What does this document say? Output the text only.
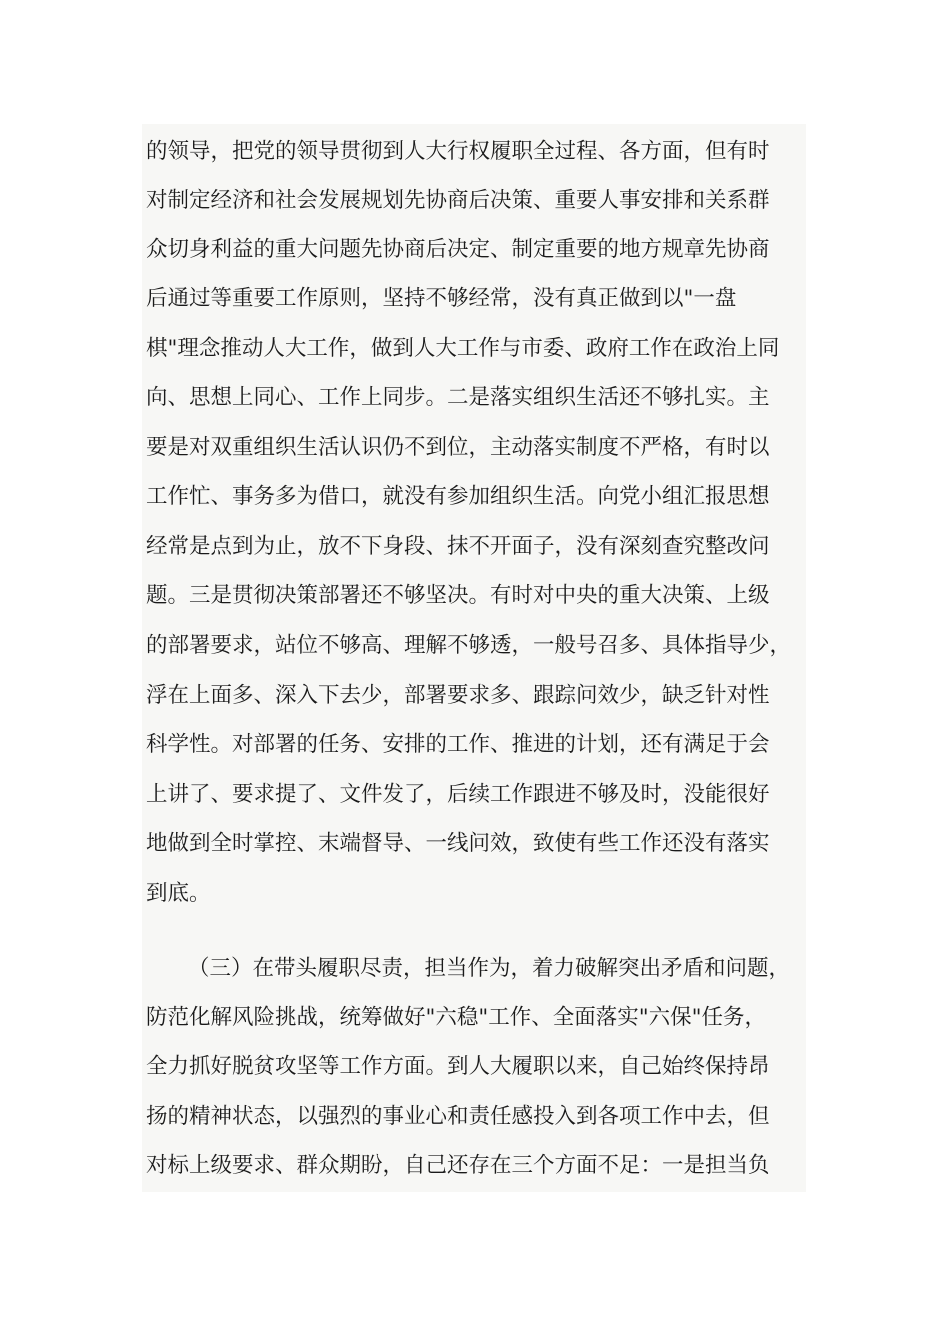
的领导，把党的领导贯彻到人大行权履职全过程、各方面，但有时
对制定经济和社会发展规划先协商后决策、重要人事安排和关系群
众切身利益的重大问题先协商后决定、制定重要的地方规章先协商
后通过等重要工作原则，坚持不够经常，没有真正做到以"一盘
棋"理念推动人大工作，做到人大工作与市委、政府工作在政治上同
向、思想上同心、工作上同步。二是落实组织生活还不够扎实。主
要是对双重组织生活认识仍不到位，主动落实制度不严格，有时以
工作忙、事务多为借口，就没有参加组织生活。向党小组汇报思想
经常是点到为止，放不下身段、抹不开面子，没有深刻查究整改问
题。三是贯彻决策部署还不够坚决。有时对中央的重大决策、上级
的部署要求，站位不够高、理解不够透，一般号召多、具体指导少，
浮在上面多、深入下去少，部署要求多、跟踪问效少，缺乏针对性
科学性。对部署的任务、安排的工作、推进的计划，还有满足于会
上讲了、要求提了、文件发了，后续工作跟进不够及时，没能很好
地做到全时掌控、末端督导、一线问效，致使有些工作还没有落实
到底。
（三）在带头履职尽责，担当作为，着力破解突出矛盾和问题，
防范化解风险挑战，统筹做好"六稳"工作、全面落实"六保"任务，
全力抓好脱贫攻坚等工作方面。到人大履职以来，自己始终保持昂
扬的精神状态，以强烈的事业心和责任感投入到各项工作中去，但
对标上级要求、群众期盼，自己还存在三个方面不足：一是担当负
